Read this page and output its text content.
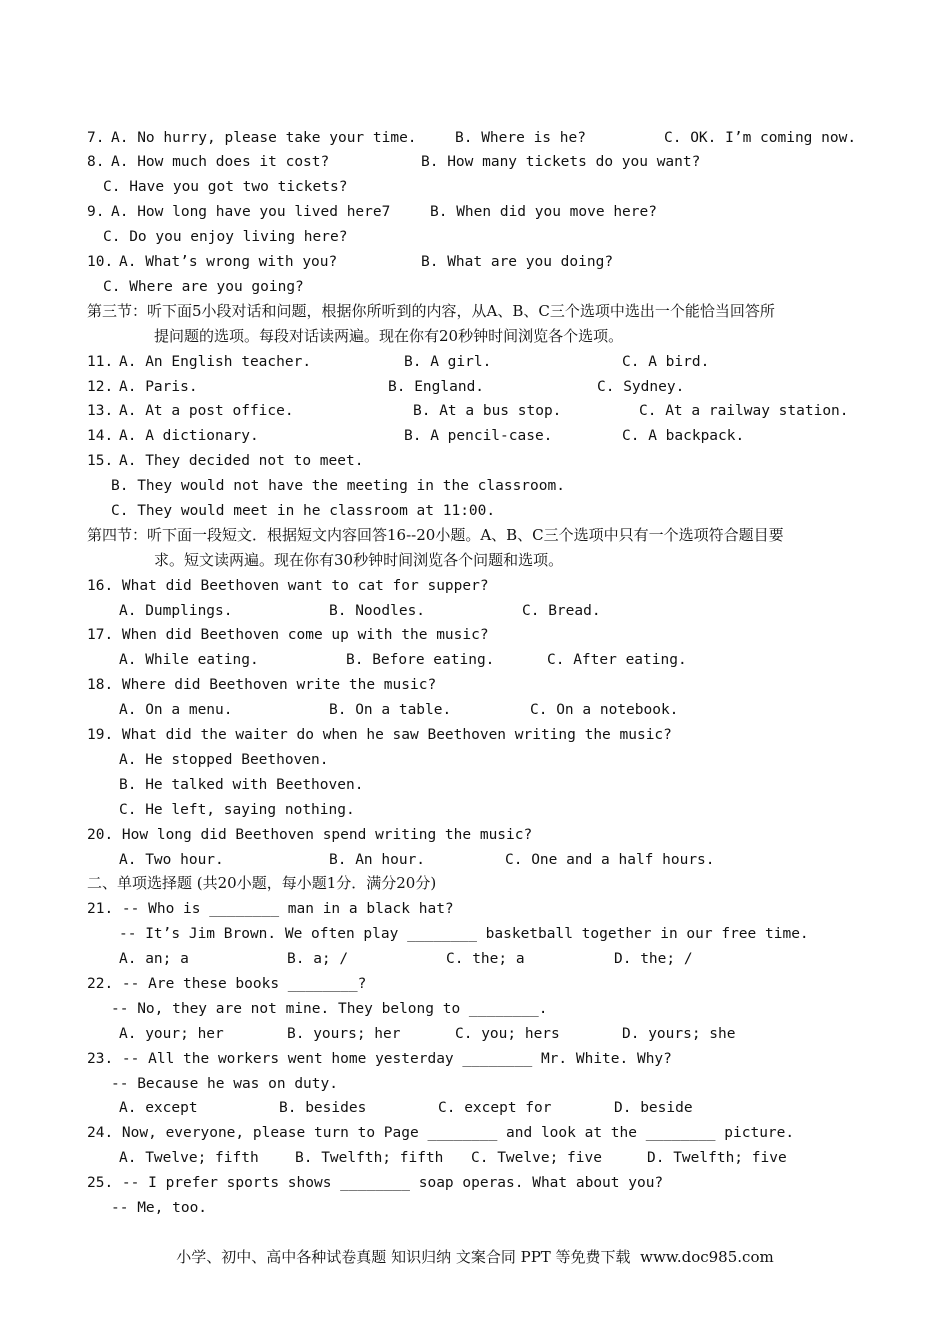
7. A. No hurry, please take your time.	B. Where is he?	C. OK. I’m coming now.
8. A. How much does it cost?	B. How many tickets do you want?
C. Have you got two tickets?
9. A. How long have you lived here7	B. When did you move here?
C. Do you enjoy living here?
10. A. What’s wrong with you?	B. What are you doing?
C. Where are you going?
第三节：听下面5小段对话和问题，根据你所听到的内容，从A、B、C三个选项中选出一个能恰当回答所
提问题的选项。每段对话读两遍。现在你有20秒钟时间浏览各个选项。
11. A. An English teacher.	B. A girl.	C. A bird.
12. A. Paris.	B. England.	C. Sydney.
13. A. At a post office.	B. At a bus stop.	C. At a railway station.
14. A. A dictionary.	B. A pencil-case.	C. A backpack.
15. A. They decided not to meet.
B. They would not have the meeting in the classroom.
C. They would meet in he classroom at 11:00.
第四节：听下面一段短文．根据短文内容回答16--20小题。A、B、C三个选项中只有一个选项符合题目要
求。短文读两遍。现在你有30秒钟时间浏览各个问题和选项。
16. What did Beethoven want to cat for supper?
A. Dumplings.	B. Noodles.	C. Bread.
17. When did Beethoven come up with the music?
A. While eating.	B. Before eating.	C. After eating.
18. Where did Beethoven write the music?
A. On a menu.	B. On a table.	C. On a notebook.
19. What did the waiter do when he saw Beethoven writing the music?
A. He stopped Beethoven.
B. He talked with Beethoven.
C. He left, saying nothing.
20. How long did Beethoven spend writing the music?
A. Two hour.	B. An hour.	C. One and a half hours.
二、单项选择题 (共20小题，每小题1分．满分20分)
21. -- Who is ________ man in a black hat?
-- It’s Jim Brown. We often play ________ basketball together in our free time.
A. an; a	B. a; /	C. the; a	D. the; /
22. -- Are these books ________?
-- No, they are not mine. They belong to ________.
A. your; her	B. yours; her	C. you; hers	D. yours; she
23. -- All the workers went home yesterday ________ Mr. White. Why?
-- Because he was on duty.
A. except	B. besides	C. except for	D. beside
24. Now, everyone, please turn to Page ________ and look at the ________ picture.
A. Twelve; fifth	B. Twelfth; fifth C. Twelve; five	D. Twelfth; five
25. -- I prefer sports shows ________ soap operas. What about you?
-- Me, too.
小学、初中、高中各种试卷真题 知识归纳 文案合同 PPT 等免费下载  www.doc985.com
